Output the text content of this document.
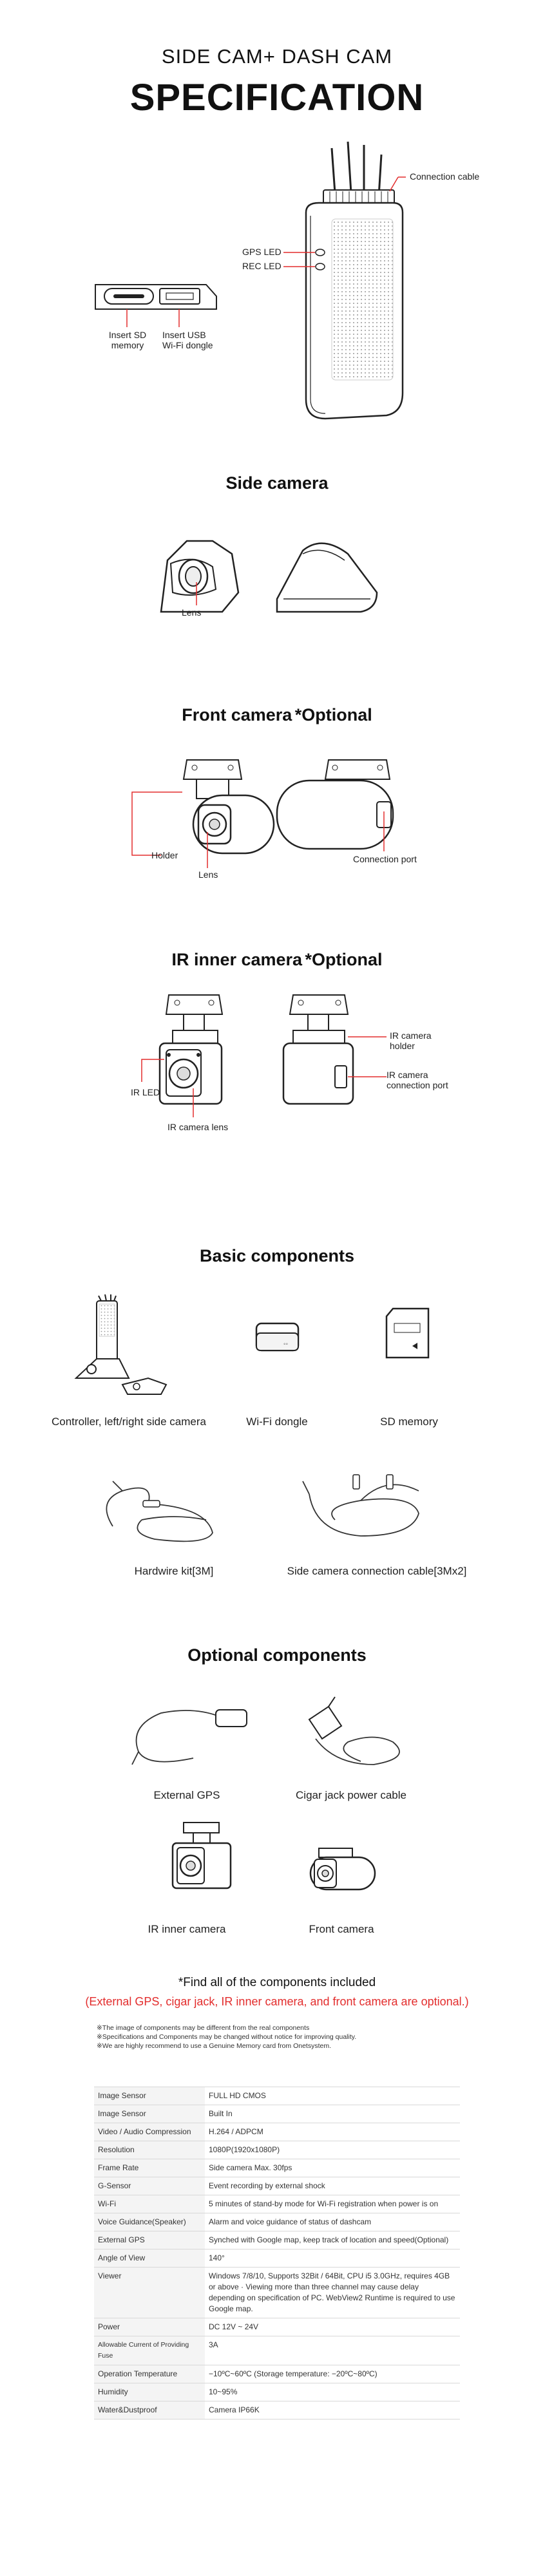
SIDE CAM+ DASH CAM
SPECIFICATION
Connection cable
GPS LED
REC LED
Insert SD
memory
Insert USB
Wi-Fi dongle
Side camera
Lens
Front camera *Optional
Holder
Lens
Connection port
IR inner camera *Optional
IR LED
IR camera lens
IR camera
holder
IR camera
connection port
Basic components
◦◦
Controller, left/right side camera	Wi-Fi dongle	SD memory
Hardwire kit[3M]	Side camera connection cable[3Mx2]
Optional components
External GPS	Cigar jack power cable
IR inner camera	Front camera
*Find all of the components included
(External GPS, cigar jack, IR inner camera, and front camera are optional.)
※The image of components may be different from the real components
※Specifications and Components may be changed without notice for improving quality.
※We are highly recommend to use a Genuine Memory card from Onetsystem.
Image Sensor	FULL HD CMOS
Image Sensor	Built In
Video / Audio Compression	H.264 / ADPCM
Resolution	1080P(1920x1080P)
Frame Rate	Side camera Max. 30fps
G-Sensor	Event recording by external shock
Wi-Fi	5 minutes of stand-by mode for Wi-Fi registration when power is on
Voice Guidance(Speaker)	Alarm and voice guidance of status of dashcam
External GPS	Synched with Google map, keep track of location and speed(Optional)
Angle of View	140°
Viewer	Windows 7/8/10, Supports 32Bit / 64Bit, CPU i5 3.0GHz, requires 4GB or above · Viewing more than three channel may cause delay depending on specification of PC. WebView2 Runtime is required to use Google map.
Power	DC 12V ~ 24V
Allowable Current of Providing Fuse	3A
Operation Temperature	−10ºC~60ºC (Storage temperature: −20ºC~80ºC)
Humidity	10~95%
Water&Dustproof	Camera IP66K
